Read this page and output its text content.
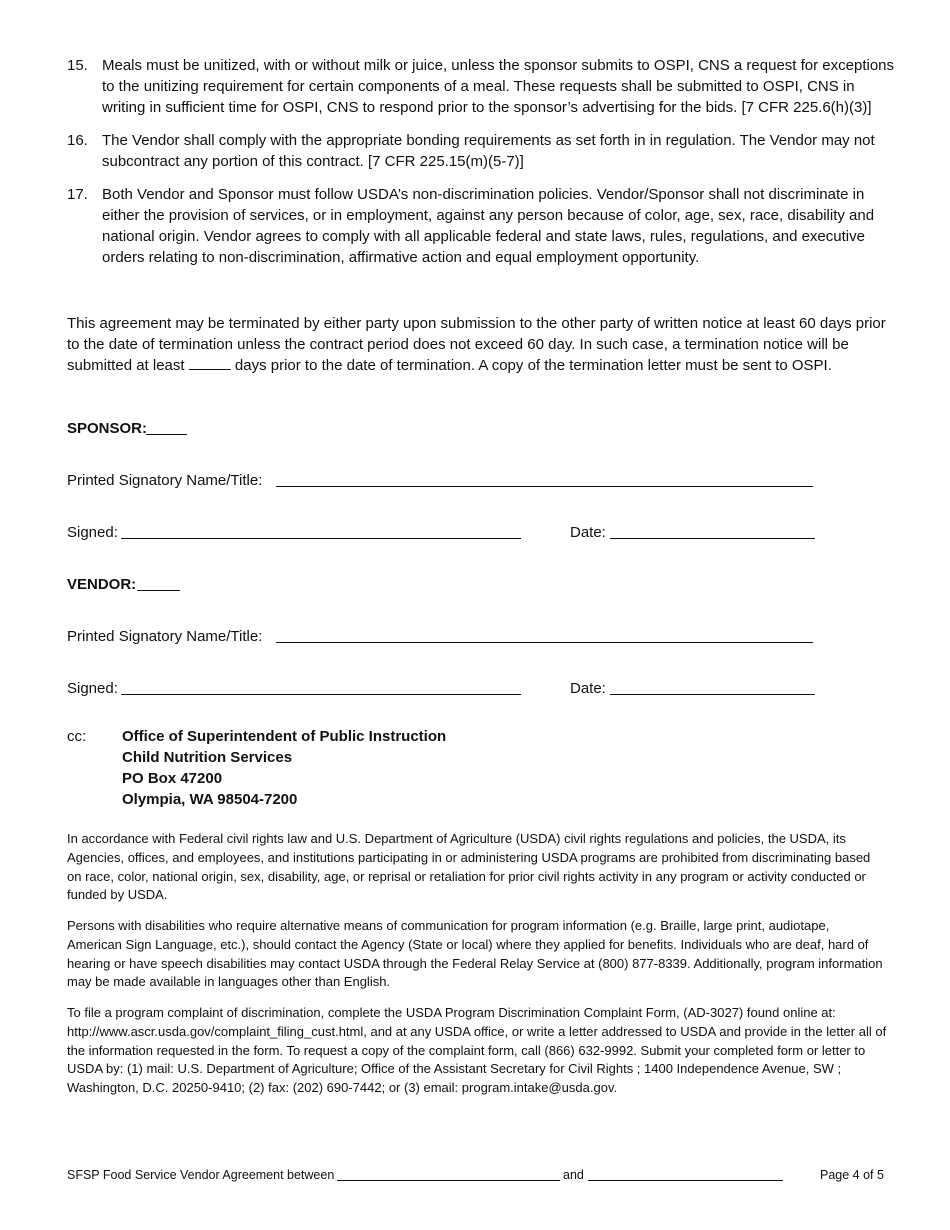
15. Meals must be unitized, with or without milk or juice, unless the sponsor submits to OSPI, CNS a request for exceptions to the unitizing requirement for certain components of a meal. These requests shall be submitted to OSPI, CNS in writing in sufficient time for OSPI, CNS to respond prior to the sponsor’s advertising for the bids. [7 CFR 225.6(h)(3)]
16. The Vendor shall comply with the appropriate bonding requirements as set forth in in regulation. The Vendor may not subcontract any portion of this contract. [7 CFR 225.15(m)(5-7)]
17. Both Vendor and Sponsor must follow USDA’s non-discrimination policies. Vendor/Sponsor shall not discriminate in either the provision of services, or in employment, against any person because of color, age, sex, race, disability and national origin. Vendor agrees to comply with all applicable federal and state laws, rules, regulations, and executive orders relating to non-discrimination, affirmative action and equal employment opportunity.

This agreement may be terminated by either party upon submission to the other party of written notice at least 60 days prior to the date of termination unless the contract period does not exceed 60 day. In such case, a termination notice will be submitted at least	days prior to the date of termination. A copy of the termination letter must be sent to OSPI.

SPONSOR:
Printed Signatory Name/Title:
Signed:	Date:
VENDOR:
Printed Signatory Name/Title:
Signed:	Date:
cc: Office of Superintendent of Public Instruction
Child Nutrition Services
PO Box 47200
Olympia, WA 98504-7200

In accordance with Federal civil rights law and U.S. Department of Agriculture (USDA) civil rights regulations and policies, the USDA, its Agencies, offices, and employees, and institutions participating in or administering USDA programs are prohibited from discriminating based on race, color, national origin, sex, disability, age, or reprisal or retaliation for prior civil rights activity in any program or activity conducted or funded by USDA.

Persons with disabilities who require alternative means of communication for program information (e.g. Braille, large print, audiotape, American Sign Language, etc.), should contact the Agency (State or local) where they applied for benefits. Individuals who are deaf, hard of hearing or have speech disabilities may contact USDA through the Federal Relay Service at (800) 877-8339. Additionally, program information may be made available in languages other than English.

To file a program complaint of discrimination, complete the USDA Program Discrimination Complaint Form, (AD-3027) found online at: http://www.ascr.usda.gov/complaint_filing_cust.html, and at any USDA office, or write a letter addressed to USDA and provide in the letter all of the information requested in the form. To request a copy of the complaint form, call (866) 632-9992. Submit your completed form or letter to USDA by: (1) mail: U.S. Department of Agriculture; Office of the Assistant Secretary for Civil Rights ; 1400 Independence Avenue, SW ; Washington, D.C. 20250-9410; (2) fax: (202) 690-7442; or (3) email: program.intake@usda.gov.

SFSP Food Service Vendor Agreement between	and	Page 4 of 5
